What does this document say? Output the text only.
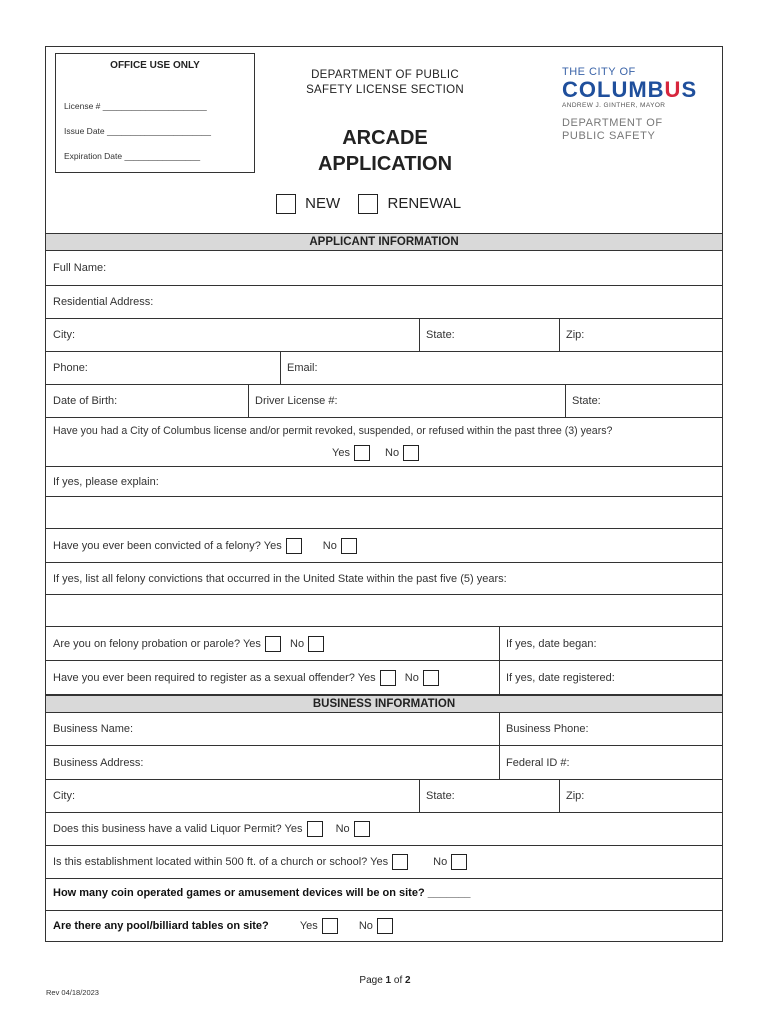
OFFICE USE ONLY
License # ______________________
Issue Date ______________________
Expiration Date ________________
DEPARTMENT OF PUBLIC
SAFETY LICENSE SECTION
ARCADE
APPLICATION
THE CITY OF
COLUMBUS
ANDREW J. GINTHER, MAYOR
DEPARTMENT OF
PUBLIC SAFETY
NEW	RENEWAL
APPLICANT INFORMATION
Full Name:
Residential Address:
City:	State:	Zip:
Phone:	Email:
Date of Birth:	Driver License #:	State:
Have you had a City of Columbus license and/or permit revoked, suspended, or refused within the past three (3) years?
Yes	No
If yes, please explain:
Have you ever been convicted of a felony? Yes	No
If yes, list all felony convictions that occurred in the United State within the past five (5) years:
Are you on felony probation or parole? Yes	No	If yes, date began:
Have you ever been required to register as a sexual offender? Yes	No	If yes, date registered:
BUSINESS INFORMATION
Business Name:	Business Phone:
Business Address:	Federal ID #:
City:	State:	Zip:
Does this business have a valid Liquor Permit? Yes	No
Is this establishment located within 500 ft. of a church or school? Yes	No
How many coin operated games or amusement devices will be on site? _______
Are there any pool/billiard tables on site?	Yes	No
Page 1 of 2
Rev 04/18/2023
